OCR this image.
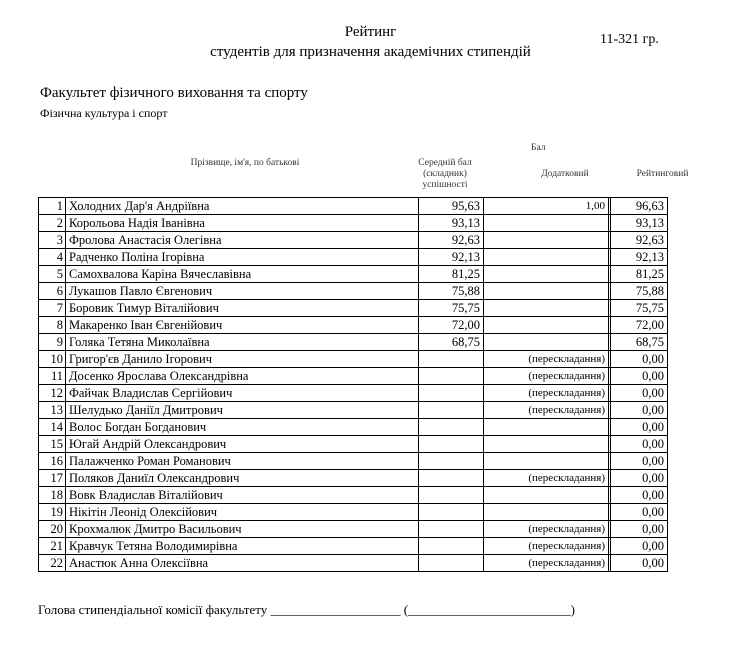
Рейтинг
студентів для призначення академічних стипендій
11-321 гр.
Факультет фізичного виховання та спорту
Фізична культура і спорт
Бал
Прізвище, ім'я, по батькові	Середній бал (складник) успішності
Додатковий	Рейтинговий
1	Холодних Дар'я Андріївна	95,63	1,00		96,63	
2	Корольова Надія Іванівна	93,13			93,13	
3	Фролова Анастасія Олегівна	92,63			92,63	
4	Радченко Поліна Ігорівна	92,13			92,13	
5	Самохвалова Каріна Вячеславівна	81,25			81,25	
6	Лукашов Павло Євгенович	75,88			75,88	
7	Боровик Тимур Віталійович	75,75			75,75	
8	Макаренко Іван Євгенійович	72,00			72,00	
9	Голяка Тетяна Миколаївна	68,75			68,75	
10	Григор'єв Данило Ігорович		(перескладання)		0,00	
11	Досенко Ярослава Олександрівна		(перескладання)		0,00	
12	Файчак Владислав Сергійович		(перескладання)		0,00	
13	Шелудько Даніїл Дмитрович		(перескладання)		0,00	
14	Волос Богдан Богданович				0,00	
15	Югай Андрій Олександрович				0,00	
16	Палажченко Роман Романович				0,00	
17	Поляков Даниїл Олександрович		(перескладання)		0,00	
18	Вовк Владислав Віталійович				0,00	
19	Нікітін Леонід Олексійович				0,00	
20	Крохмалюк Дмитро Васильович		(перескладання)		0,00	
21	Кравчук Тетяна Володимирівна		(перескладання)		0,00	
22	Анастюк Анна Олексіївна		(перескладання)		0,00	
Голова стипендіальної комісії факультету ____________________ (_________________________)
